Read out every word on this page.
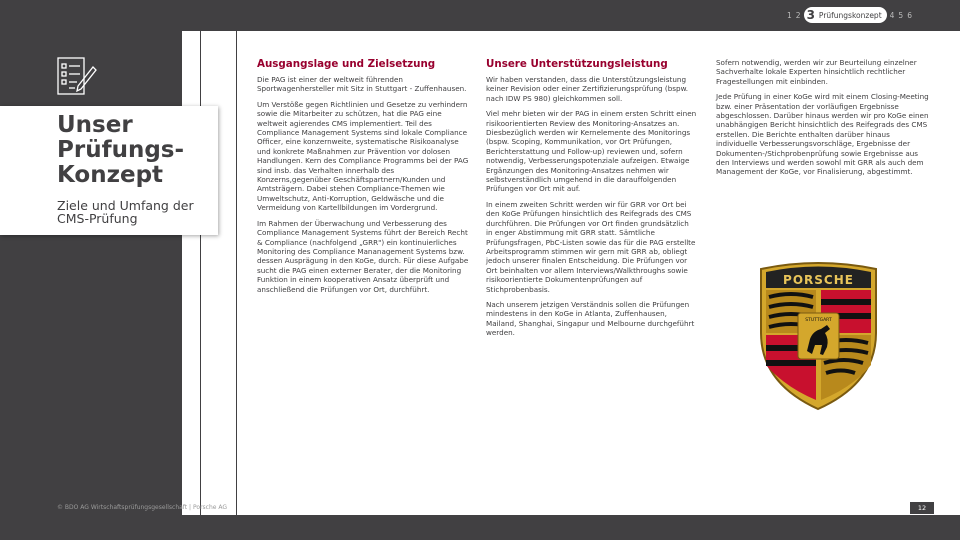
Unser
Prüfungs-
Konzept
Ziele und Umfang der
CMS-Prüfung
1 2 3 Prüfungskonzept 4 5 6
Ausgangslage und Zielsetzung

Die PAG ist einer der weltweit führenden Sportwagenhersteller mit Sitz in Stuttgart - Zuffenhausen.

Um Verstöße gegen Richtlinien und Gesetze zu verhindern sowie die Mitarbeiter zu schützen, hat die PAG eine weltweit agierendes CMS implementiert. Teil des Compliance Management Systems sind lokale Compliance Officer, eine konzernweite, systematische Risikoanalyse und konkrete Maßnahmen zur Prävention vor dolosen Handlungen. Kern des Compliance Programms bei der PAG sind insb. das Verhalten innerhalb des Konzerns,gegenüber Geschäftspartnern/Kunden und Amtsträgern. Dabei stehen Compliance-Themen wie Umweltschutz, Anti-Korruption, Geldwäsche und die Vermeidung von Kartellbildungen im Vordergrund.

Im Rahmen der Überwachung und Verbesserung des Compliance Management Systems führt der Bereich Recht & Compliance (nachfolgend „GRR") ein kontinuierliches Monitoring des Compliance Mananagement Systems bzw. dessen Ausprägung in den KoGe, durch. Für diese Aufgabe sucht die PAG einen externer Berater, der die Monitoring Funktion in einem kooperativen Ansatz überprüft und anschließend die Prüfungen vor Ort, durchführt.

Unsere Unterstützungsleistung

Wir haben verstanden, dass die Unterstützungsleistung keiner Revision oder einer Zertifizierungsprüfung (bspw. nach IDW PS 980) gleichkommen soll.

Viel mehr bieten wir der PAG in einem ersten Schritt einen risikoorientierten Review des Monitoring-Ansatzes an. Diesbezüglich werden wir Kernelemente des Monitorings (bspw. Scoping, Kommunikation, vor Ort Prüfungen, Berichterstattung und Follow-up) reviewen und, sofern notwendig, Verbesserungspotenziale aufzeigen. Etwaige Ergänzungen des Monitoring-Ansatzes nehmen wir selbstverständlich umgehend in die darauffolgenden Prüfungen vor Ort mit auf.

In einem zweiten Schritt werden wir für GRR vor Ort bei den KoGe Prüfungen hinsichtlich des Reifegrads des CMS durchführen. Die Prüfungen vor Ort finden grundsätzlich in enger Abstimmung mit GRR statt. Sämtliche Prüfungsfragen, PbC-Listen sowie das für die PAG erstellte Arbeitsprogramm stimmen wir gern mit GRR ab, obliegt jedoch unserer finalen Entscheidung. Die Prüfungen vor Ort beinhalten vor allem Interviews/Walkthroughs sowie risikoorientierte Dokumentenprüfungen auf Stichprobenbasis.

Nach unserem jetzigen Verständnis sollen die Prüfungen mindestens in den KoGe in Atlanta, Zuffenhausen, Mailand, Shanghai, Singapur und Melbourne durchgeführt werden.

Sofern notwendig, werden wir zur Beurteilung einzelner Sachverhalte lokale Experten hinsichtlich rechtlicher Fragestellungen mit einbinden.

Jede Prüfung in einer KoGe wird mit einem Closing-Meeting bzw. einer Präsentation der vorläufigen Ergebnisse abgeschlossen. Darüber hinaus werden wir pro KoGe einen unabhängigen Bericht hinsichtlich des Reifegrads des CMS erstellen. Die Berichte enthalten darüber hinaus individuelle Verbesserungsvorschläge, Ergebnisse der Dokumenten-/Stichprobenprüfung sowie Ergebnisse aus den Interviews und werden sowohl mit GRR als auch dem Management der KoGe, vor Finalisierung, abgestimmt.

PORSCHE
STUTTGART
© BDO AG Wirtschaftsprüfungsgesellschaft | Porsche AG	12
